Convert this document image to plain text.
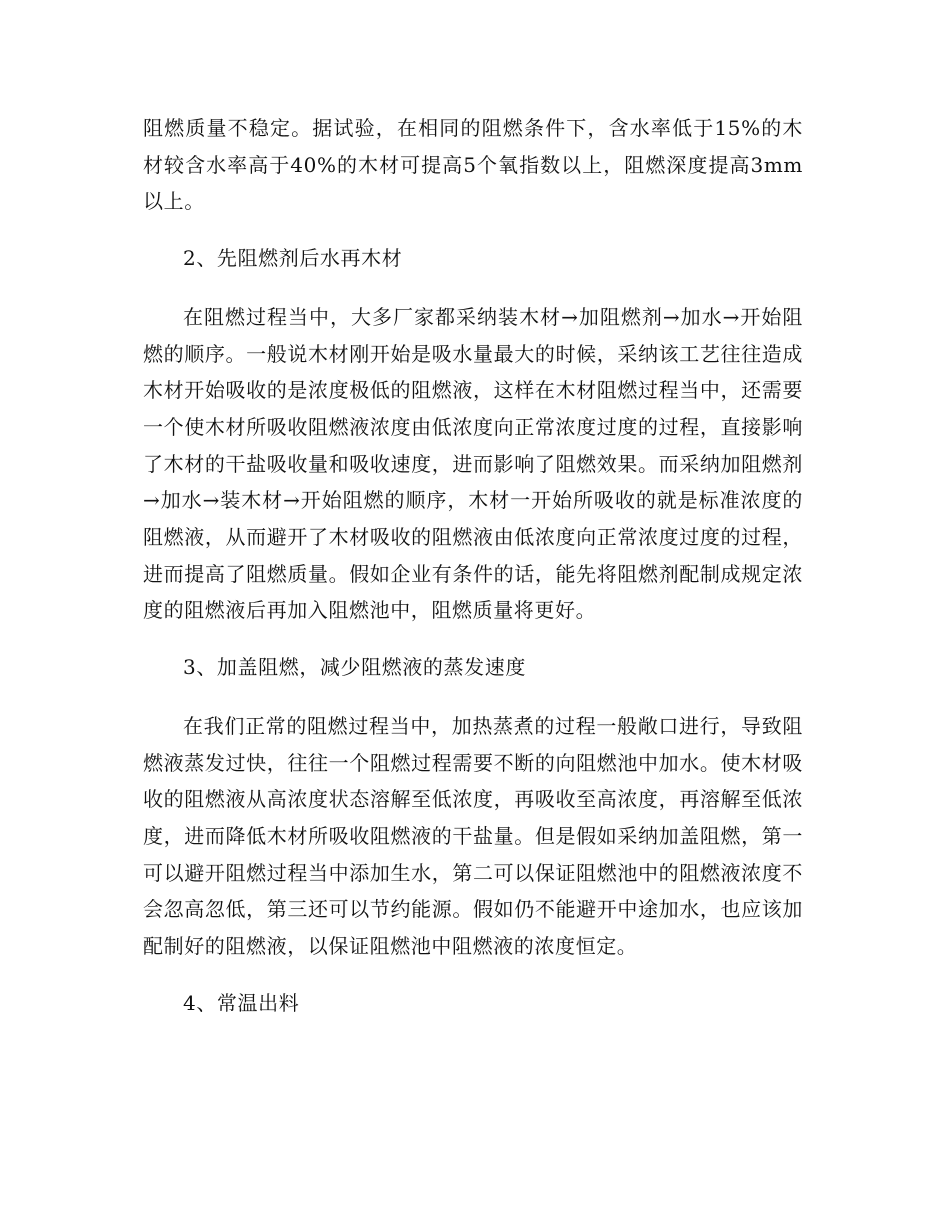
阻燃质量不稳定。据试验，在相同的阻燃条件下，含水率低于15%的木材较含水率高于40%的木材可提高5个氧指数以上，阻燃深度提高3mm以上。

2、先阻燃剂后水再木材

在阻燃过程当中，大多厂家都采纳装木材→加阻燃剂→加水→开始阻燃的顺序。一般说木材刚开始是吸水量最大的时候，采纳该工艺往往造成木材开始吸收的是浓度极低的阻燃液，这样在木材阻燃过程当中，还需要一个使木材所吸收阻燃液浓度由低浓度向正常浓度过度的过程，直接影响了木材的干盐吸收量和吸收速度，进而影响了阻燃效果。而采纳加阻燃剂→加水→装木材→开始阻燃的顺序，木材一开始所吸收的就是标准浓度的阻燃液，从而避开了木材吸收的阻燃液由低浓度向正常浓度过度的过程，进而提高了阻燃质量。假如企业有条件的话，能先将阻燃剂配制成规定浓度的阻燃液后再加入阻燃池中，阻燃质量将更好。

3、加盖阻燃，减少阻燃液的蒸发速度

在我们正常的阻燃过程当中，加热蒸煮的过程一般敞口进行，导致阻燃液蒸发过快，往往一个阻燃过程需要不断的向阻燃池中加水。使木材吸收的阻燃液从高浓度状态溶解至低浓度，再吸收至高浓度，再溶解至低浓度，进而降低木材所吸收阻燃液的干盐量。但是假如采纳加盖阻燃，第一可以避开阻燃过程当中添加生水，第二可以保证阻燃池中的阻燃液浓度不会忽高忽低，第三还可以节约能源。假如仍不能避开中途加水，也应该加配制好的阻燃液，以保证阻燃池中阻燃液的浓度恒定。

4、常温出料
